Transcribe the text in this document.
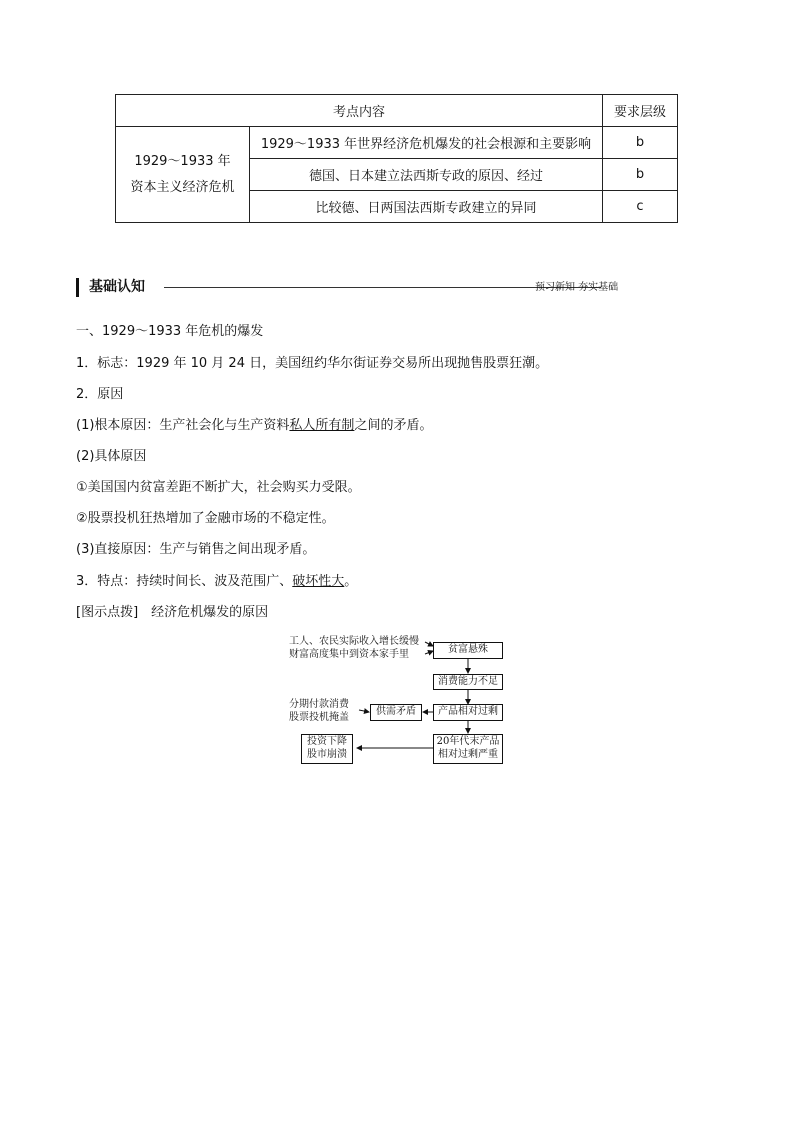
考点内容		要求层级

1929～1933 年
资本主义经济危机	1929～1933 年世界经济危机爆发的社会根源和主要影响	b
	德国、日本建立法西斯专政的原因、经过	b
	比较德、日两国法西斯专政建立的异同	c
基础认知	预习新知 夯实基础
一、1929～1933 年危机的爆发
1．标志：1929 年 10 月 24 日，美国纽约华尔街证券交易所出现抛售股票狂潮。
2．原因
(1)根本原因：生产社会化与生产资料私人所有制之间的矛盾。
(2)具体原因
①美国国内贫富差距不断扩大，社会购买力受限。
②股票投机狂热增加了金融市场的不稳定性。
(3)直接原因：生产与销售之间出现矛盾。
3．特点：持续时间长、波及范围广、破坏性大。
[图示点拨]　经济危机爆发的原因
工人、农民实际收入增长缓慢
财富高度集中到资本家手里	贫富悬殊
消费能力不足
分期付款消费
股票投机掩盖
供需矛盾	产品相对过剩
投资下降
股市崩溃
20年代末产品
相对过剩严重
